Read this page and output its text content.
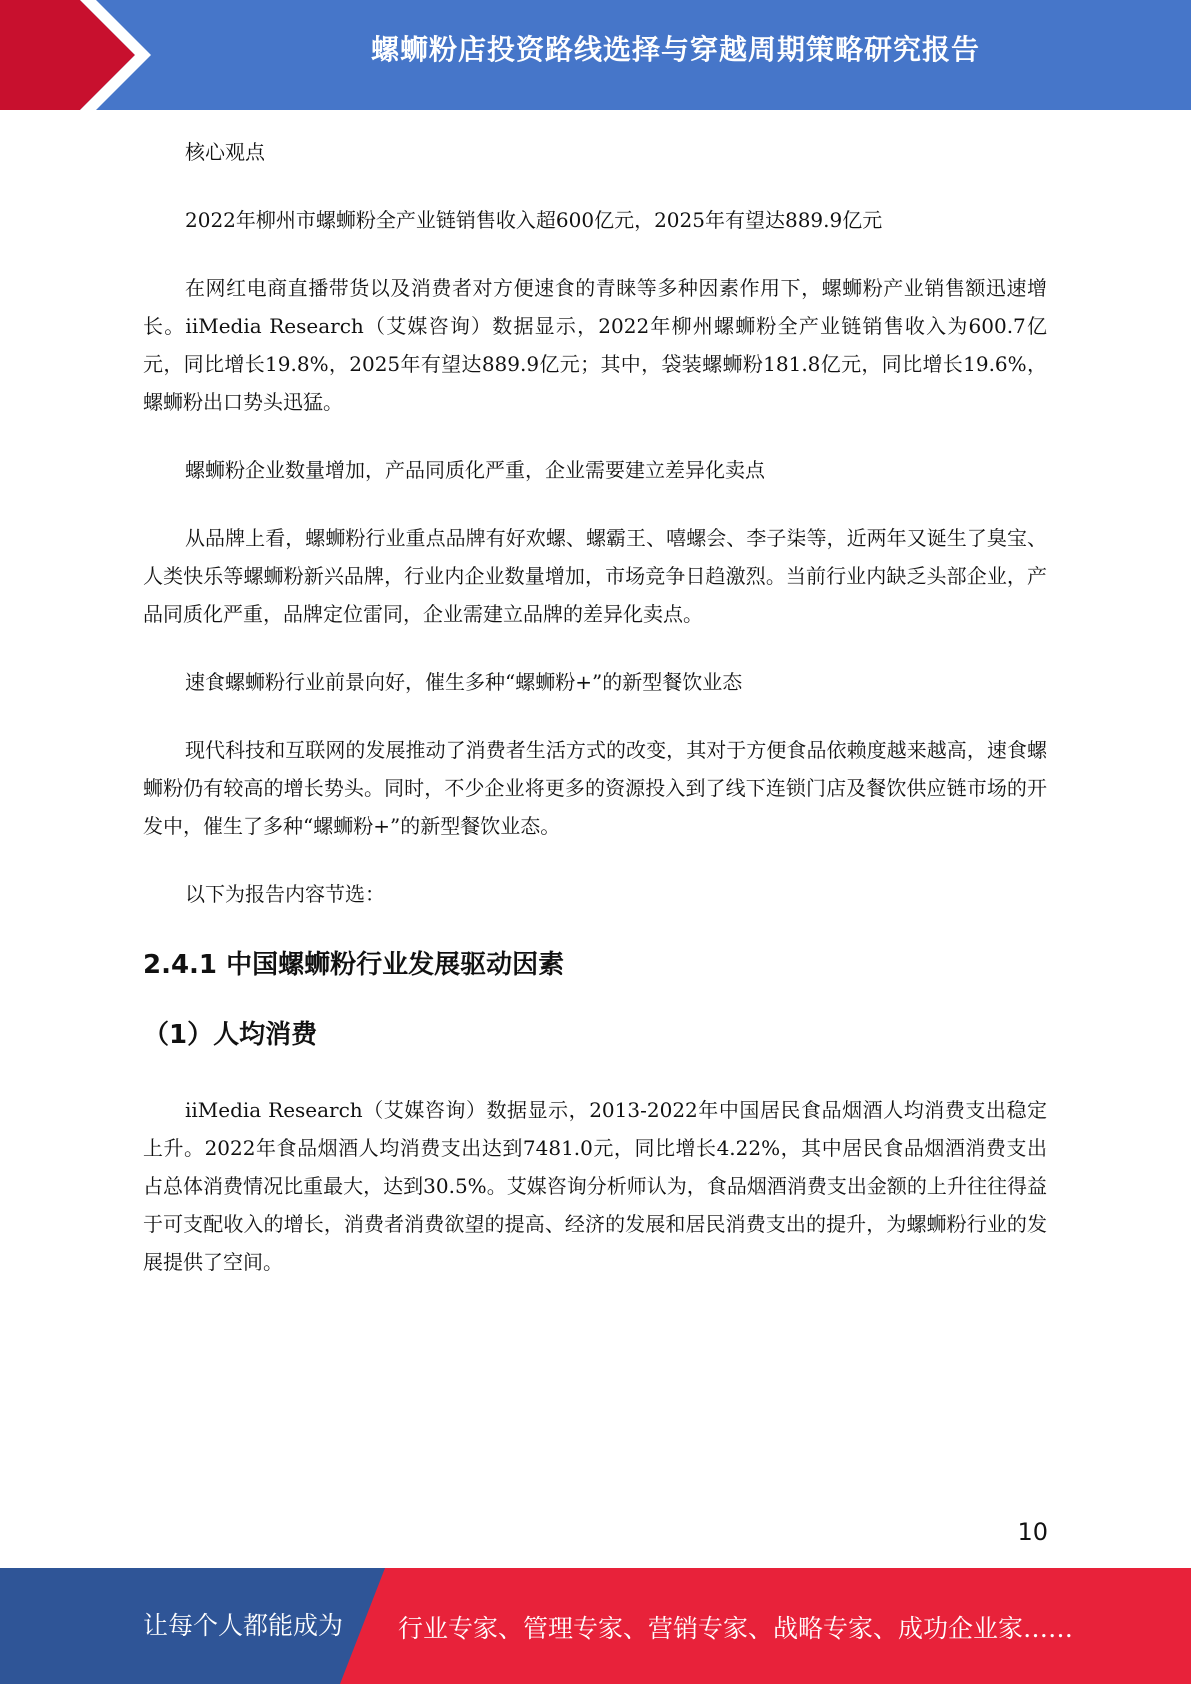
螺蛳粉店投资路线选择与穿越周期策略研究报告

核心观点

2022年柳州市螺蛳粉全产业链销售收入超600亿元，2025年有望达889.9亿元

在网红电商直播带货以及消费者对方便速食的青睐等多种因素作用下，螺蛳粉产业销售额迅速增长。iiMedia Research（艾媒咨询）数据显示，2022年柳州螺蛳粉全产业链销售收入为600.7亿元，同比增长19.8%，2025年有望达889.9亿元；其中，袋装螺蛳粉181.8亿元，同比增长19.6%，螺蛳粉出口势头迅猛。

螺蛳粉企业数量增加，产品同质化严重，企业需要建立差异化卖点

从品牌上看，螺蛳粉行业重点品牌有好欢螺、螺霸王、嘻螺会、李子柒等，近两年又诞生了臭宝、人类快乐等螺蛳粉新兴品牌，行业内企业数量增加，市场竞争日趋激烈。当前行业内缺乏头部企业，产品同质化严重，品牌定位雷同，企业需建立品牌的差异化卖点。

速食螺蛳粉行业前景向好，催生多种“螺蛳粉+”的新型餐饮业态

现代科技和互联网的发展推动了消费者生活方式的改变，其对于方便食品依赖度越来越高，速食螺蛳粉仍有较高的增长势头。同时，不少企业将更多的资源投入到了线下连锁门店及餐饮供应链市场的开发中，催生了多种“螺蛳粉+”的新型餐饮业态。

以下为报告内容节选：

2.4.1 中国螺蛳粉行业发展驱动因素
（1）人均消费

iiMedia Research（艾媒咨询）数据显示，2013-2022年中国居民食品烟酒人均消费支出稳定上升。2022年食品烟酒人均消费支出达到7481.0元，同比增长4.22%，其中居民食品烟酒消费支出占总体消费情况比重最大，达到30.5%。艾媒咨询分析师认为，食品烟酒消费支出金额的上升往往得益于可支配收入的增长，消费者消费欲望的提高、经济的发展和居民消费支出的提升，为螺蛳粉行业的发展提供了空间。

10
让每个人都能成为 行业专家、管理专家、营销专家、战略专家、成功企业家……
